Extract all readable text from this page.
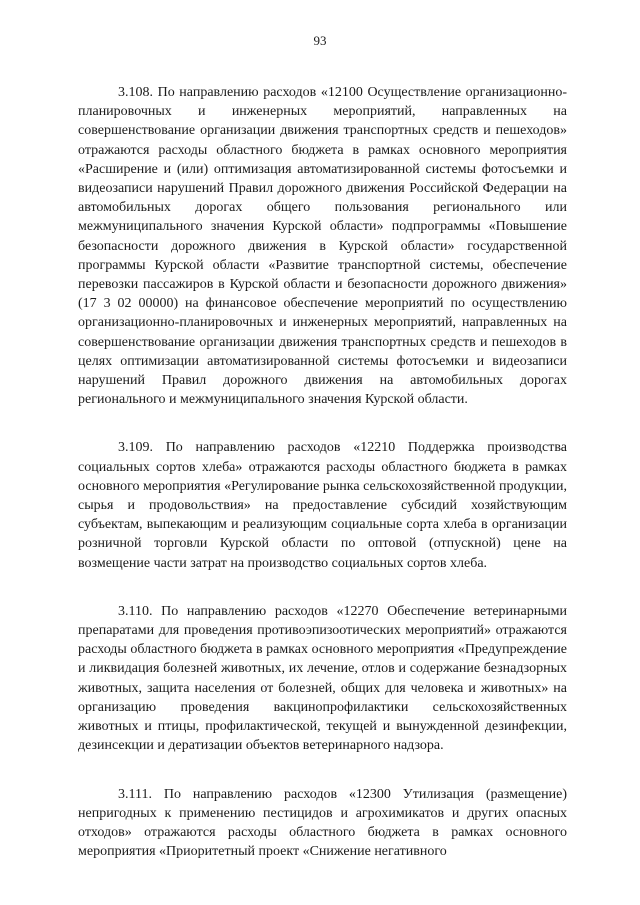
93

3.108. По направлению расходов «12100 Осуществление организационно-планировочных и инженерных мероприятий, направленных на совершенствование организации движения транспортных средств и пешеходов» отражаются расходы областного бюджета в рамках основного мероприятия «Расширение и (или) оптимизация автоматизированной системы фотосъемки и видеозаписи нарушений Правил дорожного движения Российской Федерации на автомобильных дорогах общего пользования регионального или межмуниципального значения Курской области» подпрограммы «Повышение безопасности дорожного движения в Курской области» государственной программы Курской области «Развитие транспортной системы, обеспечение перевозки пассажиров в Курской области и безопасности дорожного движения» (17 3 02 00000) на финансовое обеспечение мероприятий по осуществлению организационно-планировочных и инженерных мероприятий, направленных на совершенствование организации движения транспортных средств и пешеходов в целях оптимизации автоматизированной системы фотосъемки и видеозаписи нарушений Правил дорожного движения на автомобильных дорогах регионального и межмуниципального значения Курской области.

3.109. По направлению расходов «12210 Поддержка производства социальных сортов хлеба» отражаются расходы областного бюджета в рамках основного мероприятия «Регулирование рынка сельскохозяйственной продукции, сырья и продовольствия» на предоставление субсидий хозяйствующим субъектам, выпекающим и реализующим социальные сорта хлеба в организации розничной торговли Курской области по оптовой (отпускной) цене на возмещение части затрат на производство социальных сортов хлеба.

3.110. По направлению расходов «12270 Обеспечение ветеринарными препаратами для проведения противоэпизоотических мероприятий» отражаются расходы областного бюджета в рамках основного мероприятия «Предупреждение и ликвидация болезней животных, их лечение, отлов и содержание безнадзорных животных, защита населения от болезней, общих для человека и животных» на организацию проведения вакцинопрофилактики сельскохозяйственных животных и птицы, профилактической, текущей и вынужденной дезинфекции, дезинсекции и дератизации объектов ветеринарного надзора.

3.111. По направлению расходов «12300 Утилизация (размещение) непригодных к применению пестицидов и агрохимикатов и других опасных отходов» отражаются расходы областного бюджета в рамках основного мероприятия «Приоритетный проект «Снижение негативного
